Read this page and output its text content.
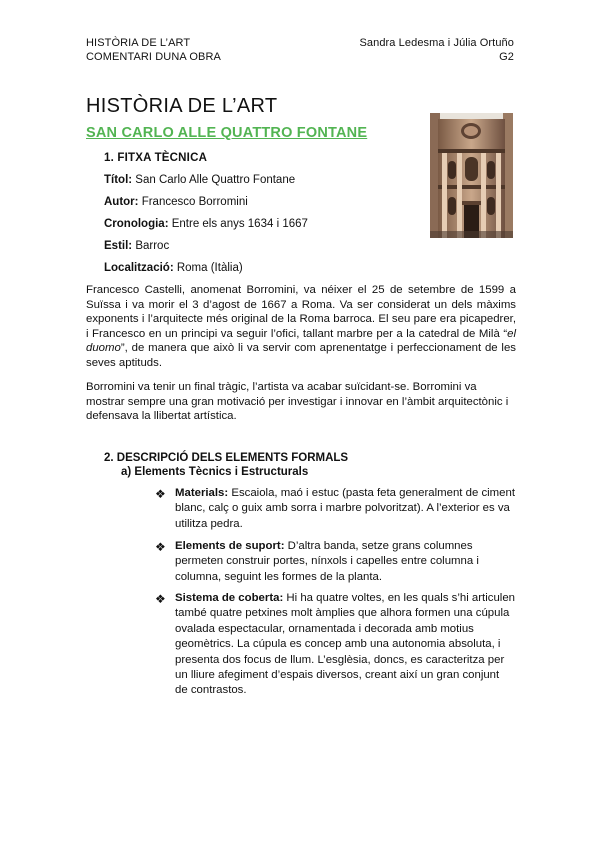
HISTÒRIA DE L’ART
COMENTARI DUNA OBRA
Sandra Ledesma i Júlia Ortuño
G2
HISTÒRIA DE L’ART
SAN CARLO ALLE QUATTRO FONTANE
1. FITXA TÈCNICA
Títol: San Carlo Alle Quattro Fontane
Autor: Francesco Borromini
Cronologia: Entre els anys 1634 i 1667
Estil: Barroc
Localització: Roma (Itàlia)
Francesco Castelli, anomenat Borromini, va néixer el 25 de setembre de 1599 a Suïssa i va morir el 3 d’agost de 1667 a Roma. Va ser considerat un dels màxims exponents i l’arquitecte més original de la Roma barroca. El seu pare era picapedrer, i Francesco en un principi va seguir l’ofici, tallant marbre per a la catedral de Milà “el duomo”, de manera que això li va servir com aprenentatge i perfeccionament de les seves aptituds.
Borromini va tenir un final tràgic, l’artista va acabar suïcidant-se. Borromini va mostrar sempre una gran motivació per investigar i innovar en l’àmbit arquitectònic i defensava la llibertat artística.
2. DESCRIPCIÓ DELS ELEMENTS FORMALS
a) Elements Tècnics i Estructurals
❖ Materials: Escaiola, maó i estuc (pasta feta generalment de ciment blanc, calç o guix amb sorra i marbre polvoritzat). A l’exterior es va utilitza pedra.
❖ Elements de suport: D’altra banda, setze grans columnes permeten construir portes, nínxols i capelles entre columna i columna, seguint les formes de la planta.
❖ Sistema de coberta: Hi ha quatre voltes, en les quals s’hi articulen també quatre petxines molt àmplies que alhora formen una cúpula ovalada espectacular, ornamentada i decorada amb motius geomètrics. La cúpula es concep amb una autonomia absoluta, i presenta dos focus de llum. L’esglèsia, doncs, es caracteritza per un lliure afegiment d’espais diversos, creant així un gran conjunt de contrastos.
